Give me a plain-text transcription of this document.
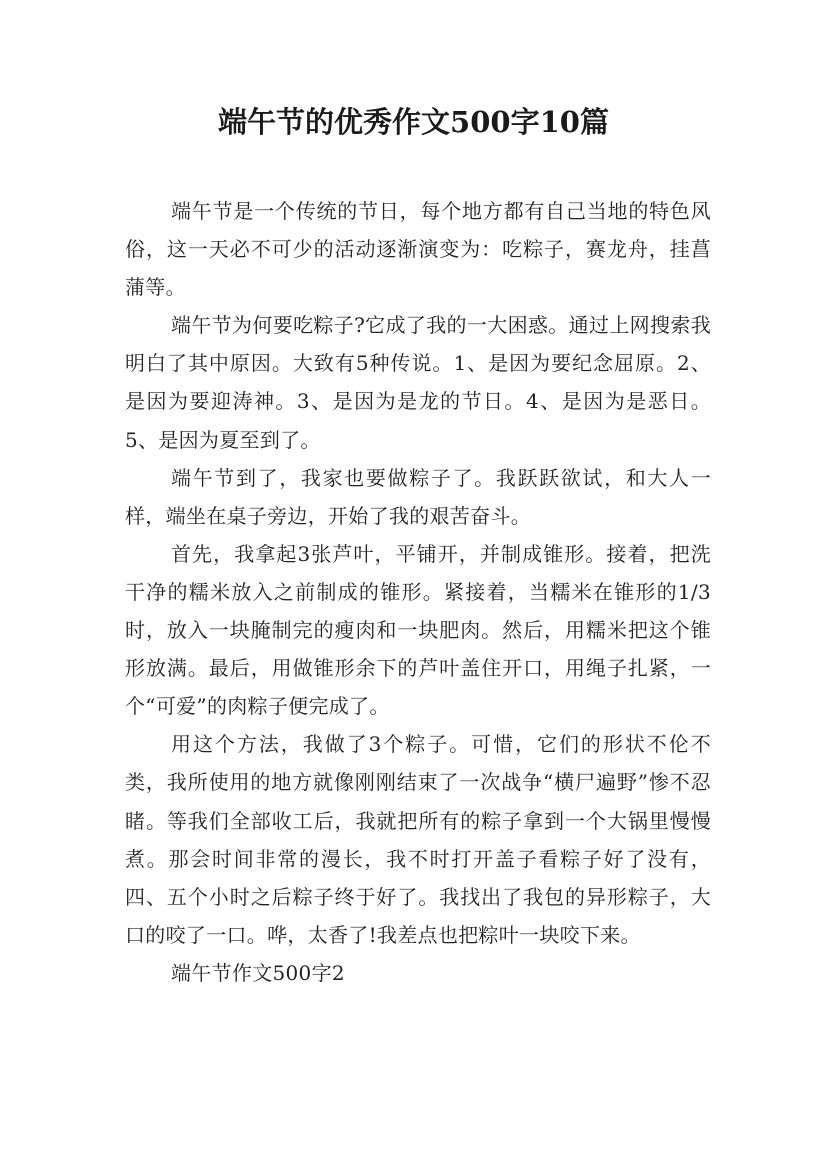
端午节的优秀作文500字10篇

端午节是一个传统的节日，每个地方都有自己当地的特色风俗，这一天必不可少的活动逐渐演变为：吃粽子，赛龙舟，挂菖蒲等。

端午节为何要吃粽子?它成了我的一大困惑。通过上网搜索我明白了其中原因。大致有5种传说。1、是因为要纪念屈原。2、是因为要迎涛神。3、是因为是龙的节日。4、是因为是恶日。5、是因为夏至到了。

端午节到了，我家也要做粽子了。我跃跃欲试，和大人一样，端坐在桌子旁边，开始了我的艰苦奋斗。

首先，我拿起3张芦叶，平铺开，并制成锥形。接着，把洗干净的糯米放入之前制成的锥形。紧接着，当糯米在锥形的1/3时，放入一块腌制完的瘦肉和一块肥肉。然后，用糯米把这个锥形放满。最后，用做锥形余下的芦叶盖住开口，用绳子扎紧，一个“可爱”的肉粽子便完成了。

用这个方法，我做了3个粽子。可惜，它们的形状不伦不类，我所使用的地方就像刚刚结束了一次战争“横尸遍野”惨不忍睹。等我们全部收工后，我就把所有的粽子拿到一个大锅里慢慢煮。那会时间非常的漫长，我不时打开盖子看粽子好了没有，四、五个小时之后粽子终于好了。我找出了我包的异形粽子，大口的咬了一口。哗，太香了!我差点也把粽叶一块咬下来。

端午节作文500字2
